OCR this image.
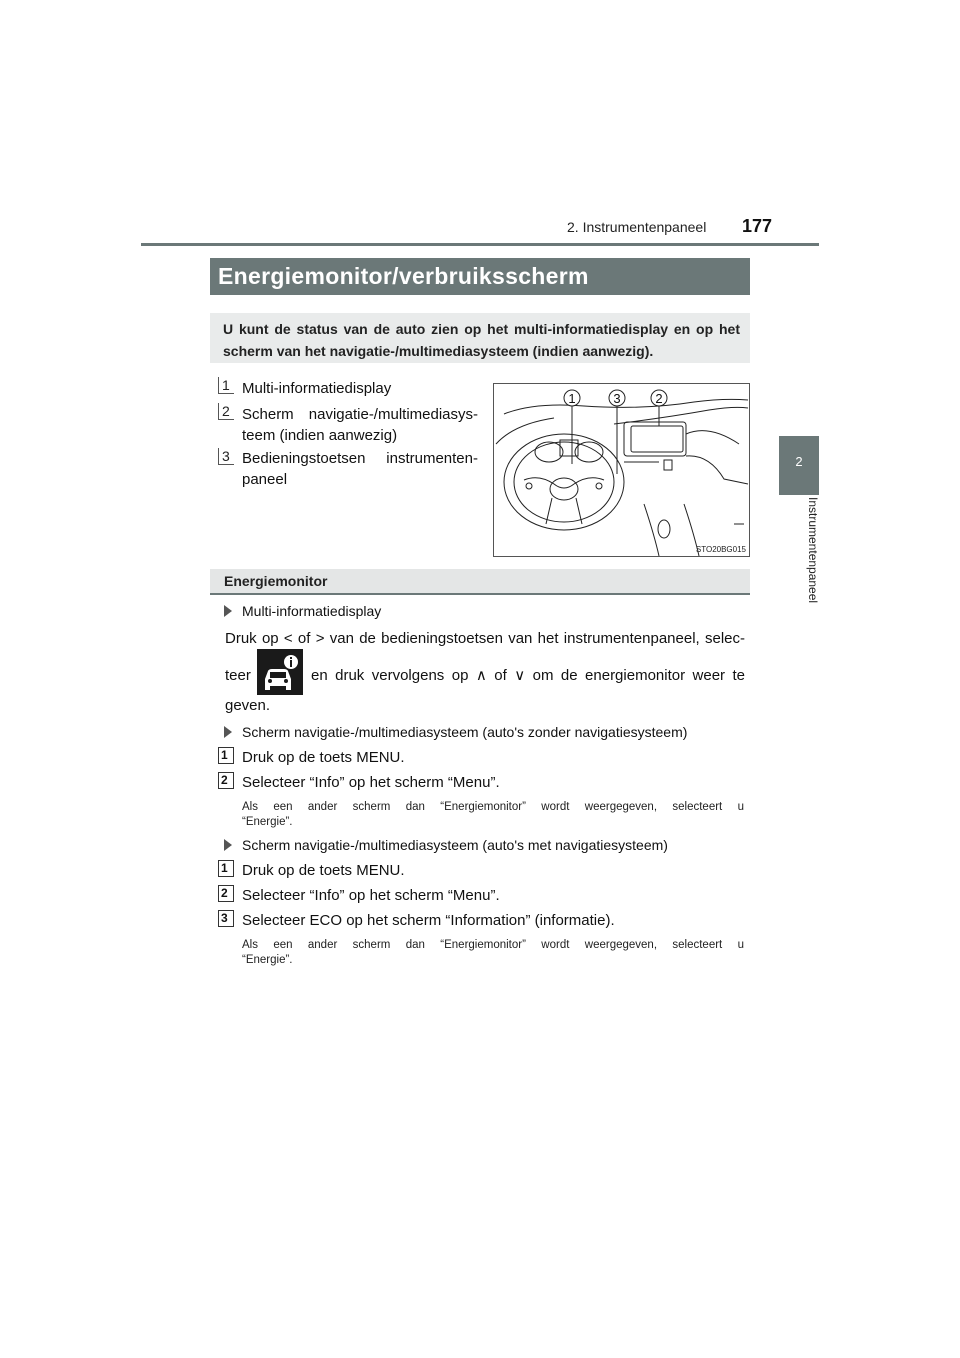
2. Instrumentenpaneel 177
2
Instrumentenpaneel
Energiemonitor/verbruiksscherm
U kunt de status van de auto zien op het multi-informatiedisplay en op het scherm van het navigatie-/multimediasysteem (indien aanwezig).
1 Multi-informatiedisplay
2 Scherm navigatie-/multimediasys-
teem (indien aanwezig)
3 Bedieningstoetsen instrumenten-
paneel
1	3	2
STO20BG015
Energiemonitor
Multi-informatiedisplay
Druk op < of > van de bedieningstoetsen van het instrumentenpaneel, selec-
teer	en druk vervolgens op ∧ of ∨ om de energiemonitor weer te
geven.
Scherm navigatie-/multimediasysteem (auto's zonder navigatiesysteem)
1 Druk op de toets MENU.
2 Selecteer “Info” op het scherm “Menu”.
Als een ander scherm dan “Energiemonitor” wordt weergegeven, selecteert u
“Energie”.
Scherm navigatie-/multimediasysteem (auto's met navigatiesysteem)
1 Druk op de toets MENU.
2 Selecteer “Info” op het scherm “Menu”.
3 Selecteer ECO op het scherm “Information” (informatie).
Als een ander scherm dan “Energiemonitor” wordt weergegeven, selecteert u
“Energie”.
